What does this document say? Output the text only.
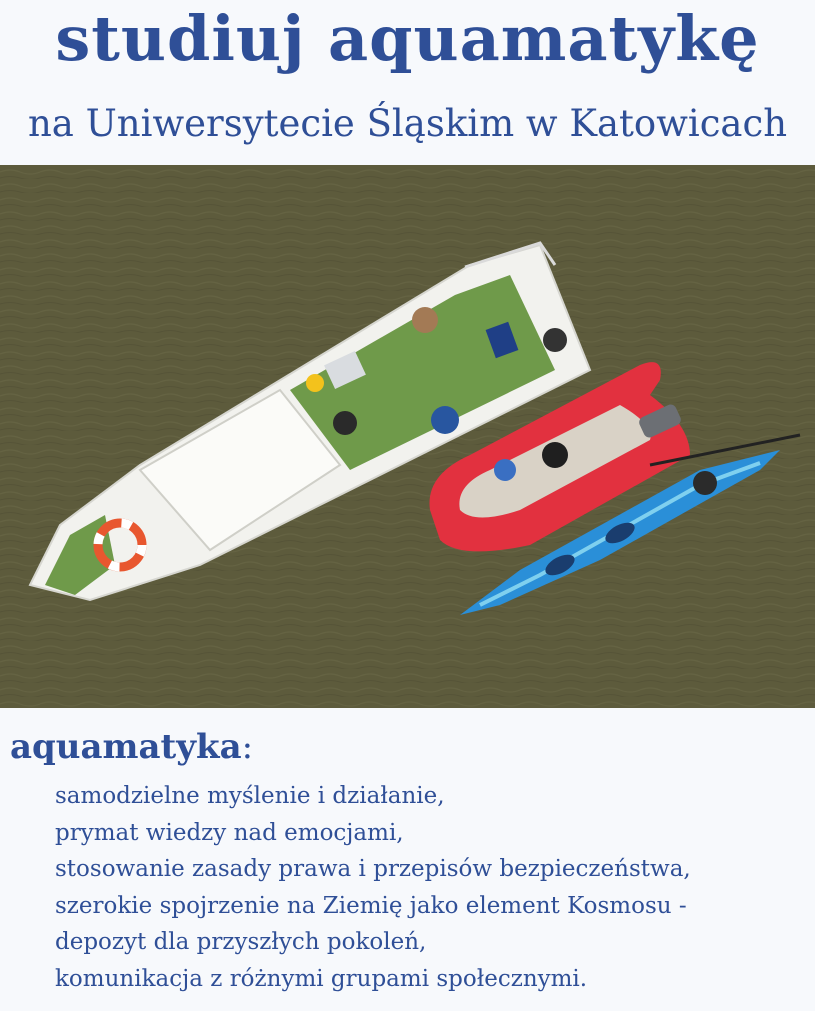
studiuj aquamatykę
na Uniwersytecie Śląskim w Katowicach
aquamatyka:
samodzielne myślenie i działanie,
prymat wiedzy nad emocjami,
stosowanie zasady prawa i przepisów bezpieczeństwa,
szerokie spojrzenie na Ziemię jako element Kosmosu -
depozyt dla przyszłych pokoleń,
komunikacja z różnymi grupami społecznymi.
